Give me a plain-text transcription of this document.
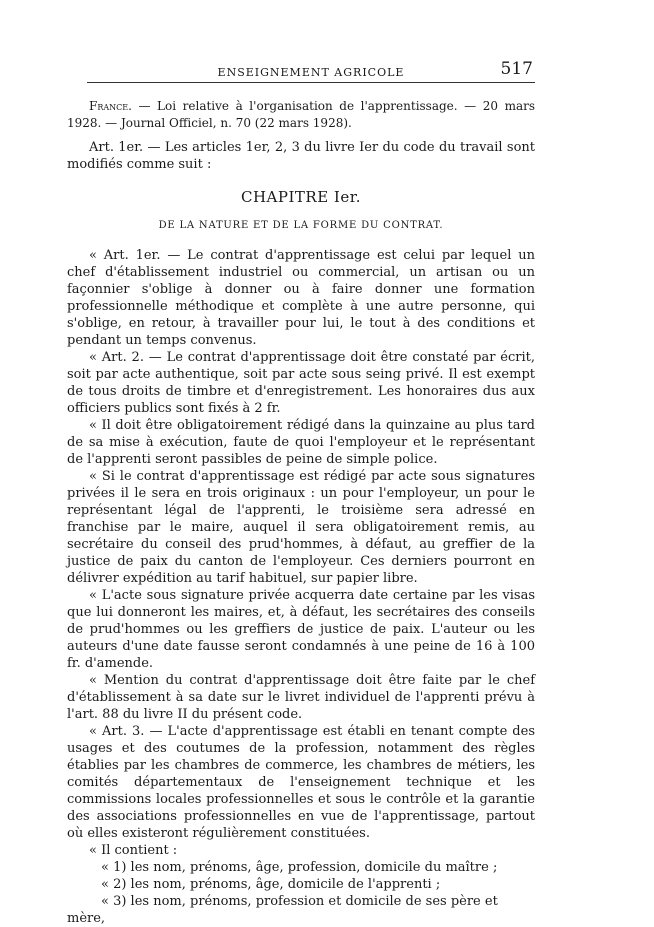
ENSEIGNEMENT AGRICOLE	517

France. — Loi relative à l'organisation de l'apprentissage. — 20 mars 1928. — Journal Officiel, n. 70 (22 mars 1928).

Art. 1er. — Les articles 1er, 2, 3 du livre Ier du code du travail sont modifiés comme suit :

CHAPITRE Ier.

DE LA NATURE ET DE LA FORME DU CONTRAT.

« Art. 1er. — Le contrat d'apprentissage est celui par lequel un chef d'établissement industriel ou commercial, un artisan ou un façonnier s'oblige à donner ou à faire donner une formation professionnelle méthodique et complète à une autre personne, qui s'oblige, en retour, à travailler pour lui, le tout à des conditions et pendant un temps convenus.

« Art. 2. — Le contrat d'apprentissage doit être constaté par écrit, soit par acte authentique, soit par acte sous seing privé. Il est exempt de tous droits de timbre et d'enregistrement. Les honoraires dus aux officiers publics sont fixés à 2 fr.

« Il doit être obligatoirement rédigé dans la quinzaine au plus tard de sa mise à exécution, faute de quoi l'employeur et le représentant de l'apprenti seront passibles de peine de simple police.

« Si le contrat d'apprentissage est rédigé par acte sous signatures privées il le sera en trois originaux : un pour l'employeur, un pour le représentant légal de l'apprenti, le troisième sera adressé en franchise par le maire, auquel il sera obligatoirement remis, au secrétaire du conseil des prud'hommes, à défaut, au greffier de la justice de paix du canton de l'employeur. Ces derniers pourront en délivrer expédition au tarif habituel, sur papier libre.

« L'acte sous signature privée acquerra date certaine par les visas que lui donneront les maires, et, à défaut, les secrétaires des conseils de prud'hommes ou les greffiers de justice de paix. L'auteur ou les auteurs d'une date fausse seront condamnés à une peine de 16 à 100 fr. d'amende.

« Mention du contrat d'apprentissage doit être faite par le chef d'établissement à sa date sur le livret individuel de l'apprenti prévu à l'art. 88 du livre II du présent code.

« Art. 3. — L'acte d'apprentissage est établi en tenant compte des usages et des coutumes de la profession, notamment des règles établies par les chambres de commerce, les chambres de métiers, les comités départementaux de l'enseignement technique et les commissions locales professionnelles et sous le contrôle et la garantie des associations professionnelles en vue de l'apprentissage, partout où elles existeront régulièrement constituées.

« Il contient :

« 1) les nom, prénoms, âge, profession, domicile du maître ;

« 2) les nom, prénoms, âge, domicile de l'apprenti ;

« 3) les nom, prénoms, profession et domicile de ses père et mère,
